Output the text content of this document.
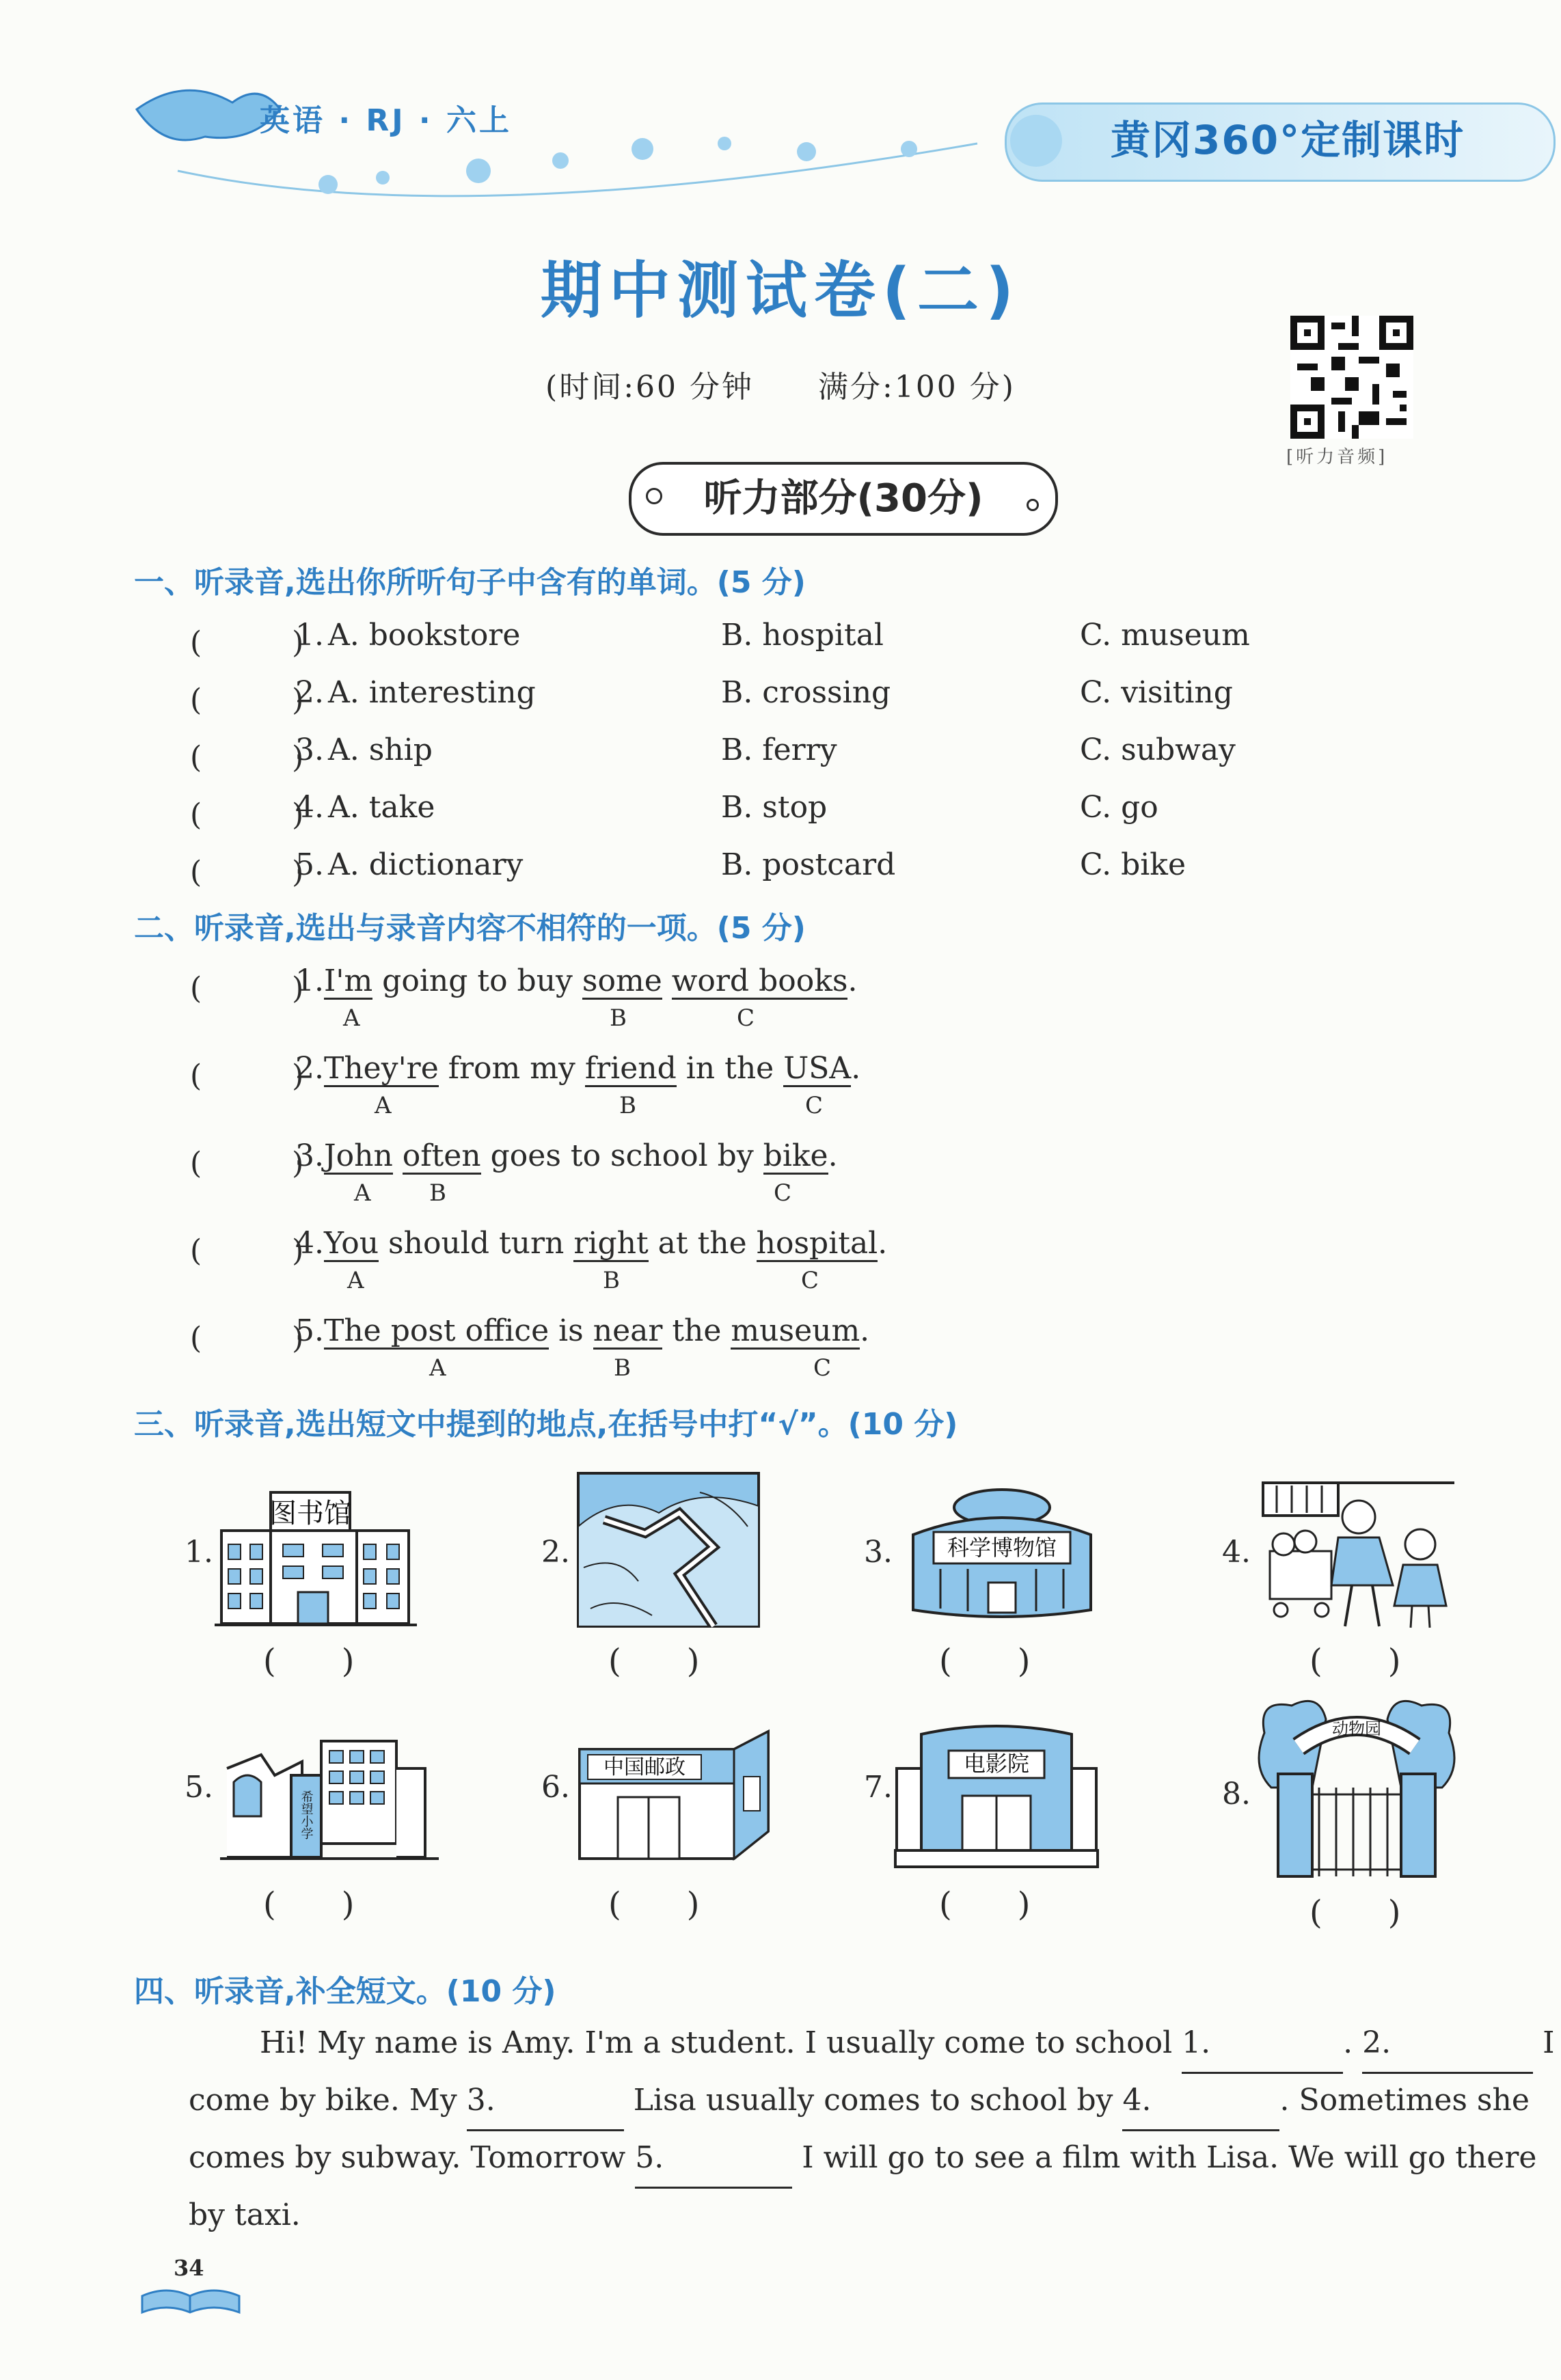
英语 · RJ · 六上	黄冈360°定制课时
期中测试卷(二)
(时间:60 分钟　　满分:100 分)
[听力音频]
听力部分(30分)
一、听录音,选出你所听句子中含有的单词。(5 分)
(　　　)
1. A. bookstore	B. hospital	C. museum
(　　　)
2. A. interesting	B. crossing	C. visiting
(　　　)
3. A. ship	B. ferry	C. subway
(　　　)
4. A. take	B. stop	C. go
(　　　)
5. A. dictionary	B. postcard	C. bike
二、听录音,选出与录音内容不相符的一项。(5 分)
(　　　)
1.I'm going to buy some word books.
A	B	C
(　　　)
2.They're from my friend in the USA.
A	B	C
(　　　)
3.John often goes to school by bike.
A	B	C
(　　　)
4.You should turn right at the hospital.
A	B	C
(　　　)
5.The post office is near the museum.
A	B	C
三、听录音,选出短文中提到的地点,在括号中打“√”。(10 分)
1.
图书馆
(　　)
2.
(　　)
3.	科学博物馆
(　　)
4.
(　　)
5.
希望小学
(　　)
6.
中国邮政
(　　)
7.
电影院
(　　)
8.
动物园
(　　)
四、听录音,补全短文。(10 分)
Hi! My name is Amy. I'm a student. I usually come to school 1.	. 2.	I
come by bike. My 3.	Lisa usually comes to school by 4.	. Sometimes she
comes by subway. Tomorrow 5.	I will go to see a film with Lisa. We will go there
by taxi.
34
